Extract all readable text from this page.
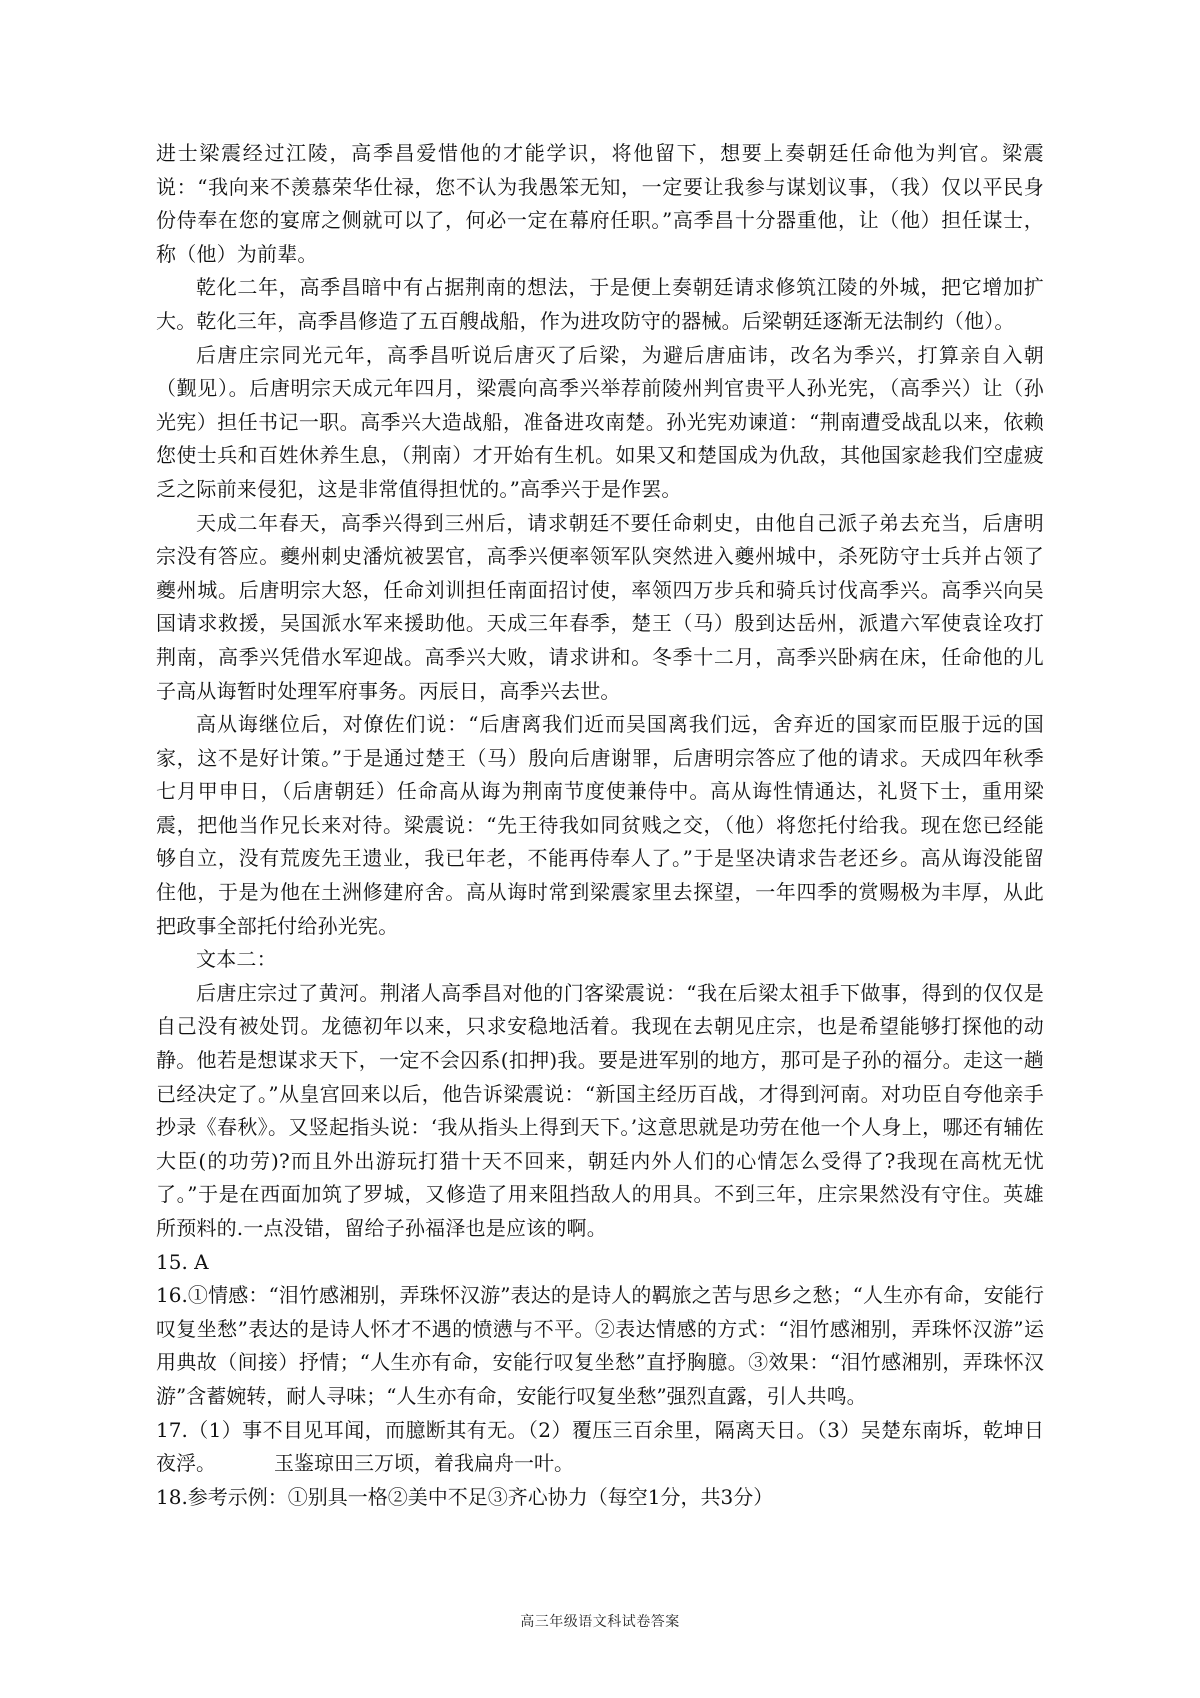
进士梁震经过江陵，高季昌爱惜他的才能学识，将他留下，想要上奏朝廷任命他为判官。梁震说：“我向来不羡慕荣华仕禄，您不认为我愚笨无知，一定要让我参与谋划议事，（我）仅以平民身份侍奉在您的宴席之侧就可以了，何必一定在幕府任职。”高季昌十分器重他，让（他）担任谋士，称（他）为前辈。

乾化二年，高季昌暗中有占据荆南的想法，于是便上奏朝廷请求修筑江陵的外城，把它增加扩大。乾化三年，高季昌修造了五百艘战船，作为进攻防守的器械。后梁朝廷逐渐无法制约（他）。

后唐庄宗同光元年，高季昌听说后唐灭了后梁，为避后唐庙讳，改名为季兴，打算亲自入朝（觐见）。后唐明宗天成元年四月，梁震向高季兴举荐前陵州判官贵平人孙光宪，（高季兴）让（孙光宪）担任书记一职。高季兴大造战船，准备进攻南楚。孙光宪劝谏道：“荆南遭受战乱以来，依赖您使士兵和百姓休养生息，（荆南）才开始有生机。如果又和楚国成为仇敌，其他国家趁我们空虚疲乏之际前来侵犯，这是非常值得担忧的。”高季兴于是作罢。

天成二年春天，高季兴得到三州后，请求朝廷不要任命刺史，由他自己派子弟去充当，后唐明宗没有答应。夔州刺史潘炕被罢官，高季兴便率领军队突然进入夔州城中，杀死防守士兵并占领了夔州城。后唐明宗大怒，任命刘训担任南面招讨使，率领四万步兵和骑兵讨伐高季兴。高季兴向吴国请求救援，吴国派水军来援助他。天成三年春季，楚王（马）殷到达岳州，派遣六军使袁诠攻打荆南，高季兴凭借水军迎战。高季兴大败，请求讲和。冬季十二月，高季兴卧病在床，任命他的儿子高从诲暂时处理军府事务。丙辰日，高季兴去世。

高从诲继位后，对僚佐们说：“后唐离我们近而吴国离我们远，舍弃近的国家而臣服于远的国家，这不是好计策。”于是通过楚王（马）殷向后唐谢罪，后唐明宗答应了他的请求。天成四年秋季七月甲申日，（后唐朝廷）任命高从诲为荆南节度使兼侍中。高从诲性情通达，礼贤下士，重用梁震，把他当作兄长来对待。梁震说：“先王待我如同贫贱之交，（他）将您托付给我。现在您已经能够自立，没有荒废先王遗业，我已年老，不能再侍奉人了。”于是坚决请求告老还乡。高从诲没能留住他，于是为他在土洲修建府舍。高从诲时常到梁震家里去探望，一年四季的赏赐极为丰厚，从此把政事全部托付给孙光宪。

文本二：

后唐庄宗过了黄河。荆渚人高季昌对他的门客梁震说：“我在后梁太祖手下做事，得到的仅仅是自己没有被处罚。龙德初年以来，只求安稳地活着。我现在去朝见庄宗，也是希望能够打探他的动静。他若是想谋求天下，一定不会囚系(扣押)我。要是进军别的地方，那可是子孙的福分。走这一趟已经决定了。”从皇宫回来以后，他告诉梁震说：“新国主经历百战，才得到河南。对功臣自夸他亲手抄录《春秋》。又竖起指头说：‘我从指头上得到天下。’这意思就是功劳在他一个人身上，哪还有辅佐大臣(的功劳)?而且外出游玩打猎十天不回来，朝廷内外人们的心情怎么受得了?我现在高枕无忧了。”于是在西面加筑了罗城，又修造了用来阻挡敌人的用具。不到三年，庄宗果然没有守住。英雄所预料的.一点没错，留给子孙福泽也是应该的啊。

15. A

16.①情感：“泪竹感湘别，弄珠怀汉游”表达的是诗人的羁旅之苦与思乡之愁；“人生亦有命，安能行叹复坐愁”表达的是诗人怀才不遇的愤懑与不平。②表达情感的方式：“泪竹感湘别，弄珠怀汉游”运用典故（间接）抒情；“人生亦有命，安能行叹复坐愁”直抒胸臆。③效果：“泪竹感湘别，弄珠怀汉游”含蓄婉转，耐人寻味；“人生亦有命，安能行叹复坐愁”强烈直露，引人共鸣。

17.（1）事不目见耳闻，而臆断其有无。（2）覆压三百余里，隔离天日。（3）吴楚东南坼，乾坤日夜浮。	玉鉴琼田三万顷，着我扁舟一叶。

18.参考示例：①别具一格②美中不足③齐心协力（每空1分，共3分）

高三年级语文科试卷答案
